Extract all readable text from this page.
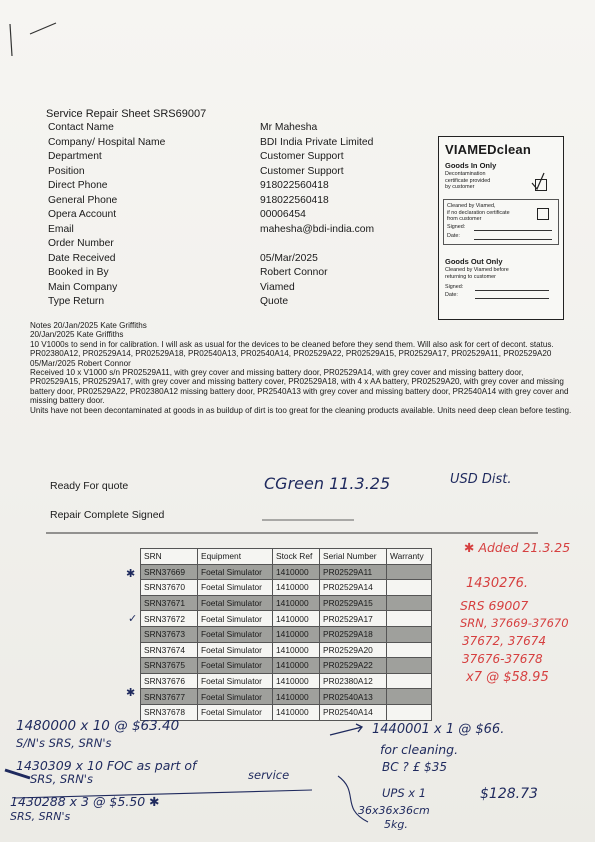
Service Repair Sheet SRS69007
Contact Name	Mr Mahesha
Company/ Hospital Name	BDI India Private Limited
Department	Customer Support
Position	Customer Support
Direct Phone	918022560418
General Phone	918022560418
Opera Account	00006454
Email	mahesha@bdi-india.com
Order Number
Date Received	05/Mar/2025
Booked in By	Robert Connor
Main Company	Viamed
Type Return	Quote
VIAMEDclean
Goods In Only
Decontamination
certificate provided
by customer
Cleaned by Viamed,
if no declaration certificate
from customer
Signed:
Date:
Goods Out Only
Cleaned by Viamed before
returning to customer
Signed:
Date:
Notes 20/Jan/2025 Kate Griffiths
20/Jan/2025 Kate Griffiths
10 V1000s to send in for calibration. I will ask as usual for the devices to be cleaned before they send them. Will also ask for cert of decont. status.
PR02380A12, PR02529A14, PR02529A18, PR02540A13, PR02540A14, PR02529A22, PR02529A15, PR02529A17, PR02529A11, PR02529A20
05/Mar/2025 Robert Connor
Received 10 x V1000 s/n PR02529A11, with grey cover and missing battery door, PR02529A14, with grey cover and missing battery door, PR02529A15, PR02529A17, with grey cover and missing battery cover, PR02529A18, with 4 x AA battery, PR02529A20, with grey cover and missing battery door, PR02529A22, PR02380A12 missing battery door, PR2540A13 with grey cover and missing battery door, PR2540A14 with grey cover and missing battery door.
Units have not been decontaminated at goods in as buildup of dirt is too great for the cleaning products available. Units need deep clean before testing.
Ready For quote
Repair Complete Signed
CGreen 11.3.25	USD Dist.
SRN	Equipment	Stock Ref	Serial Number	Warranty
SRN37669	Foetal Simulator	1410000	PR02529A11	
SRN37670	Foetal Simulator	1410000	PR02529A14	
SRN37671	Foetal Simulator	1410000	PR02529A15	
SRN37672	Foetal Simulator	1410000	PR02529A17	
SRN37673	Foetal Simulator	1410000	PR02529A18	
SRN37674	Foetal Simulator	1410000	PR02529A20	
SRN37675	Foetal Simulator	1410000	PR02529A22	
SRN37676	Foetal Simulator	1410000	PR02380A12	
SRN37677	Foetal Simulator	1410000	PR02540A13	
SRN37678	Foetal Simulator	1410000	PR02540A14	
✱
✓
✱
✱ Added 21.3.25
1430276.
SRS 69007
SRN, 37669-37670
37672, 37674
37676-37678
x7 @ $58.95
1480000 x 10 @ $63.40
S/N's SRS, SRN's
1430309 x 10 FOC as part of
service
SRS, SRN's
1430288 x 3 @ $5.50 ✱
SRS, SRN's
1440001 x 1 @ $66.
for cleaning.
BC ? £ $35
UPS x 1	$128.73
36x36x36cm
5kg.
